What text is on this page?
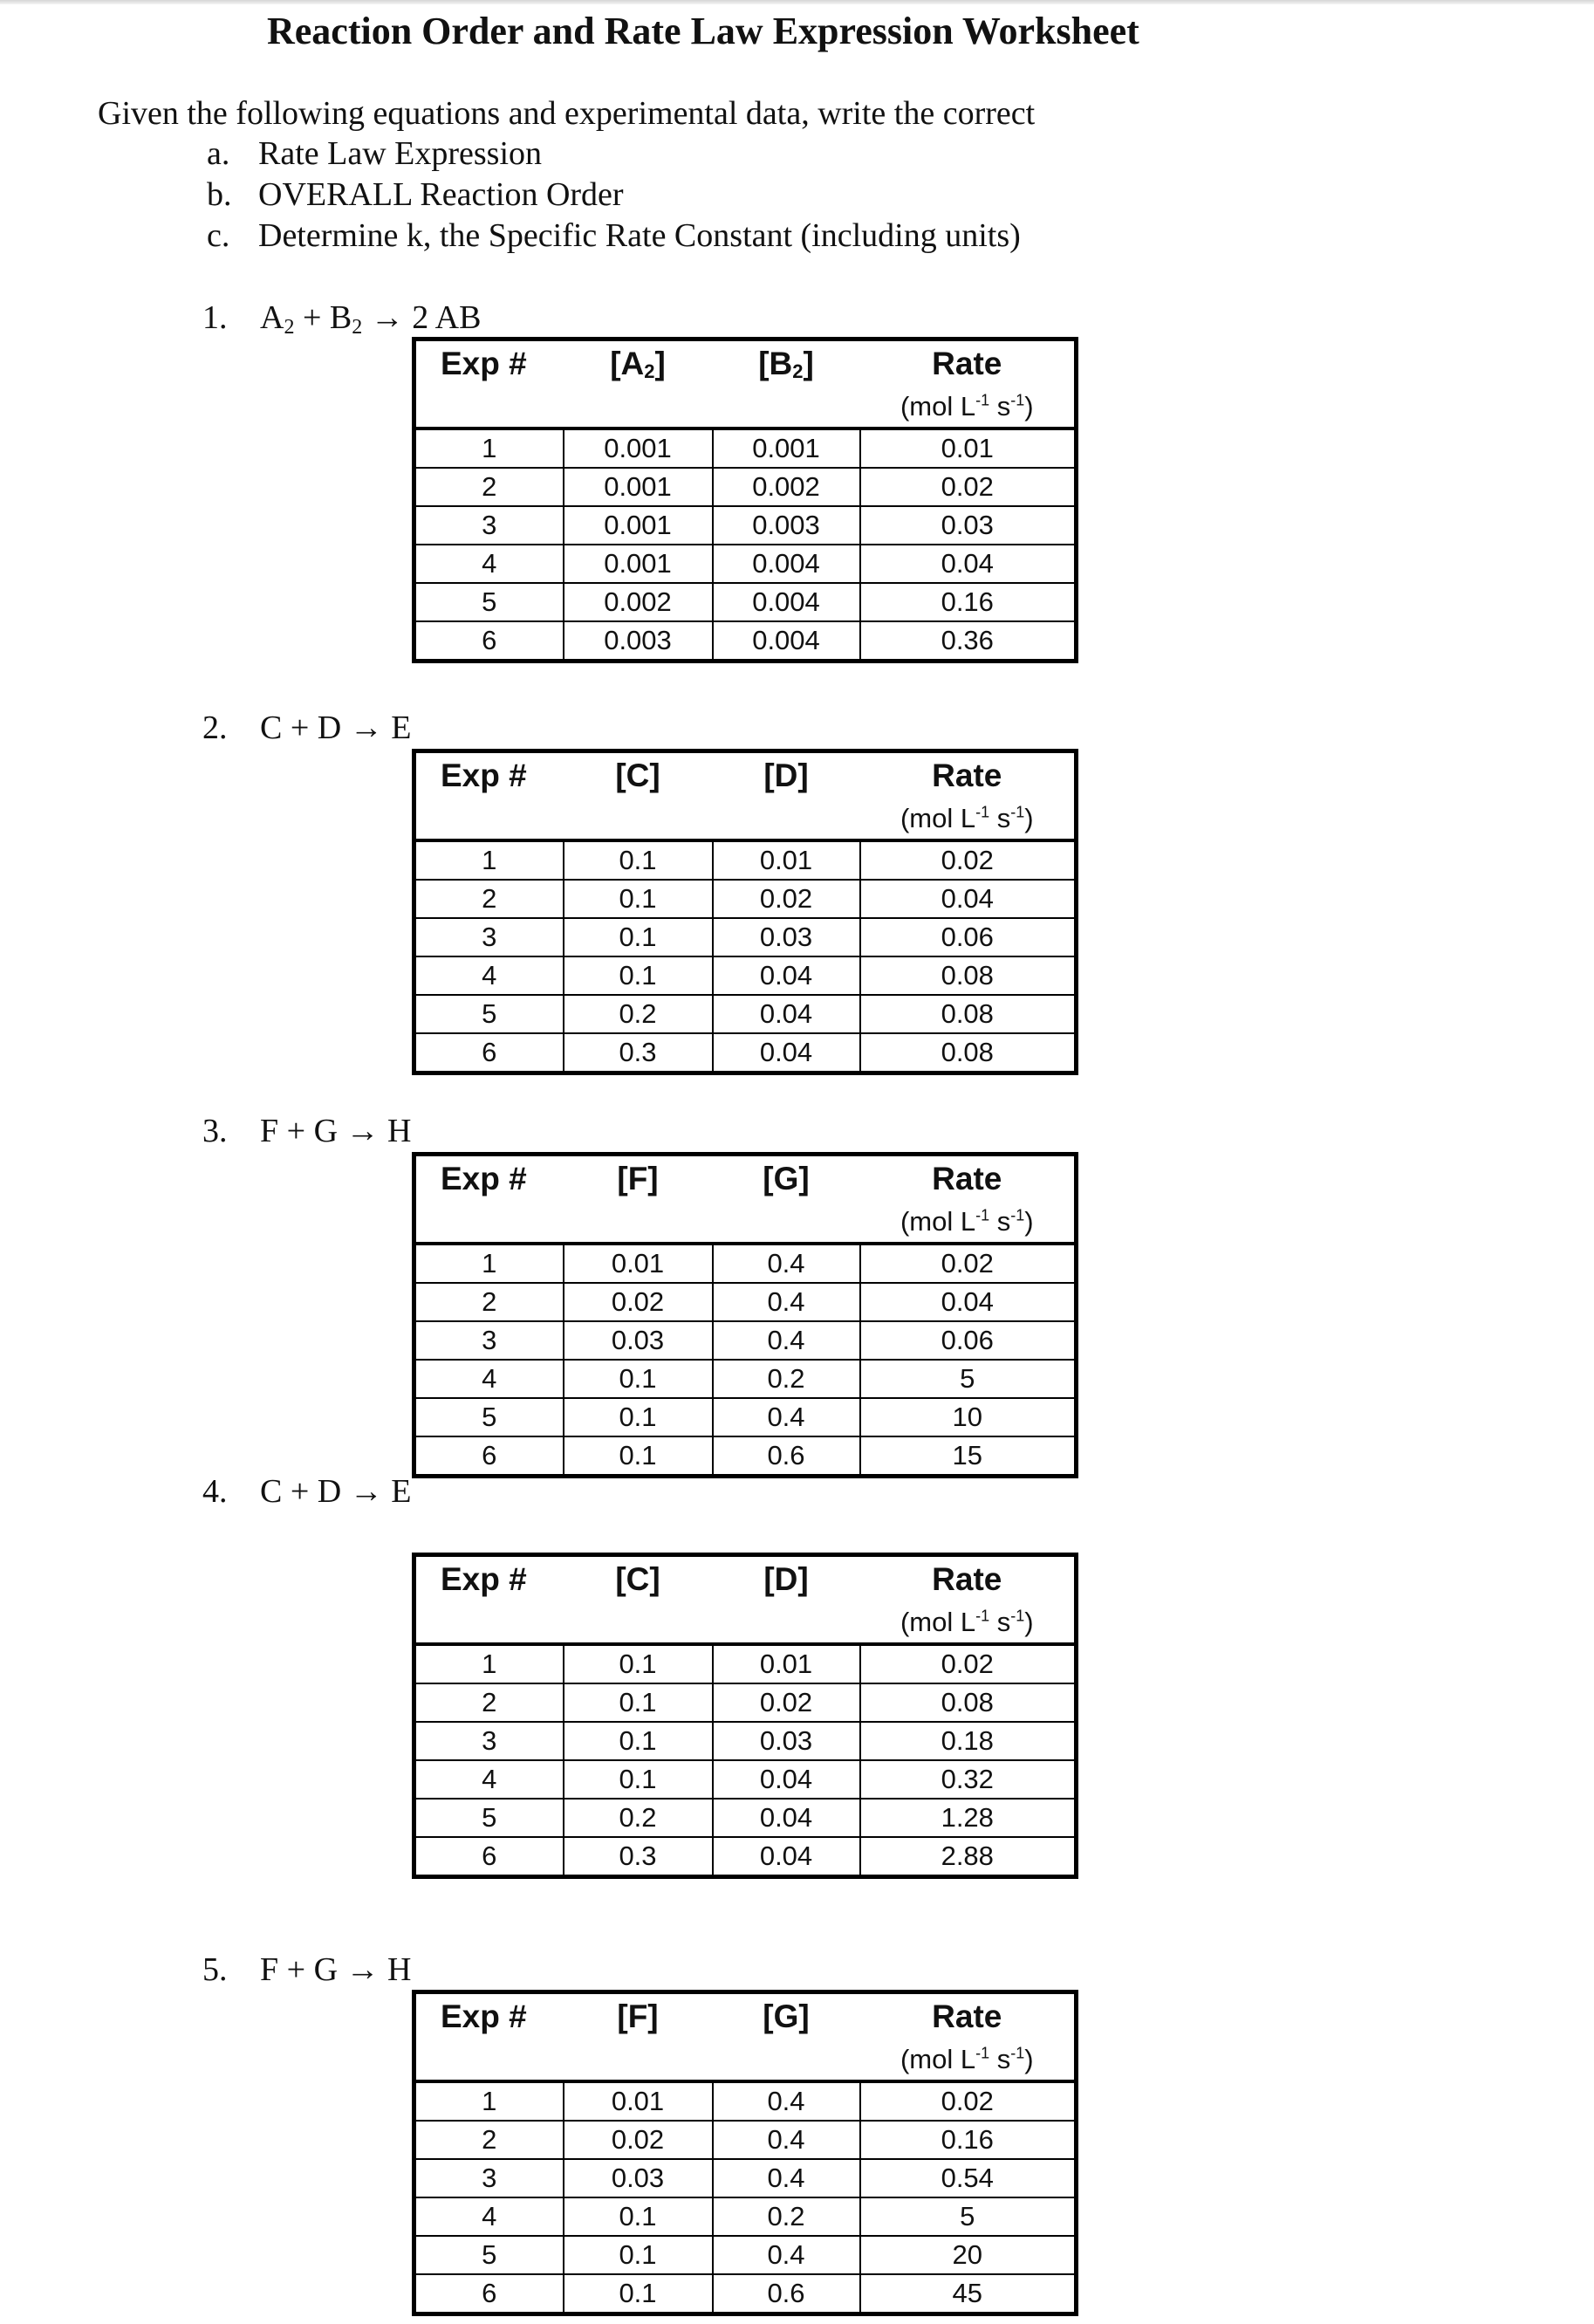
Reaction Order and Rate Law Expression Worksheet
Given the following equations and experimental data, write the correct
a. Rate Law Expression
b. OVERALL Reaction Order
c. Determine k, the Specific Rate Constant (including units)
1. $A_2 + B_2 \to 2$ AB
Exp #	$[A_2]$	$[B_2]$	Rate
			(mol $L^{-1}$ $s^{-1}$)
1	0.001	0.001	0.01
2	0.001	0.002	0.02
3	0.001	0.003	0.03
4	0.001	0.004	0.04
5	0.002	0.004	0.16
6	0.003	0.004	0.36
2. C + D → E
Exp #	[C]	[D]	Rate
			(mol $L^{-1}$ $s^{-1}$)
1	0.1	0.01	0.02
2	0.1	0.02	0.04
3	0.1	0.03	0.06
4	0.1	0.04	0.08
5	0.2	0.04	0.08
6	0.3	0.04	0.08
3. F + G → H
Exp #	[F]	[G]	Rate
			(mol $L^{-1}$ $s^{-1}$)
1	0.01	0.4	0.02
2	0.02	0.4	0.04
3	0.03	0.4	0.06
4	0.1	0.2	5
5	0.1	0.4	10
6	0.1	0.6	15
4. C + D → E
Exp #	[C]	[D]	Rate
			(mol $L^{-1}$ $s^{-1}$)
1	0.1	0.01	0.02
2	0.1	0.02	0.08
3	0.1	0.03	0.18
4	0.1	0.04	0.32
5	0.2	0.04	1.28
6	0.3	0.04	2.88
5. F + G → H
Exp #	[F]	[G]	Rate
			(mol $L^{-1}$ $s^{-1}$)
1	0.01	0.4	0.02
2	0.02	0.4	0.16
3	0.03	0.4	0.54
4	0.1	0.2	5
5	0.1	0.4	20
6	0.1	0.6	45
